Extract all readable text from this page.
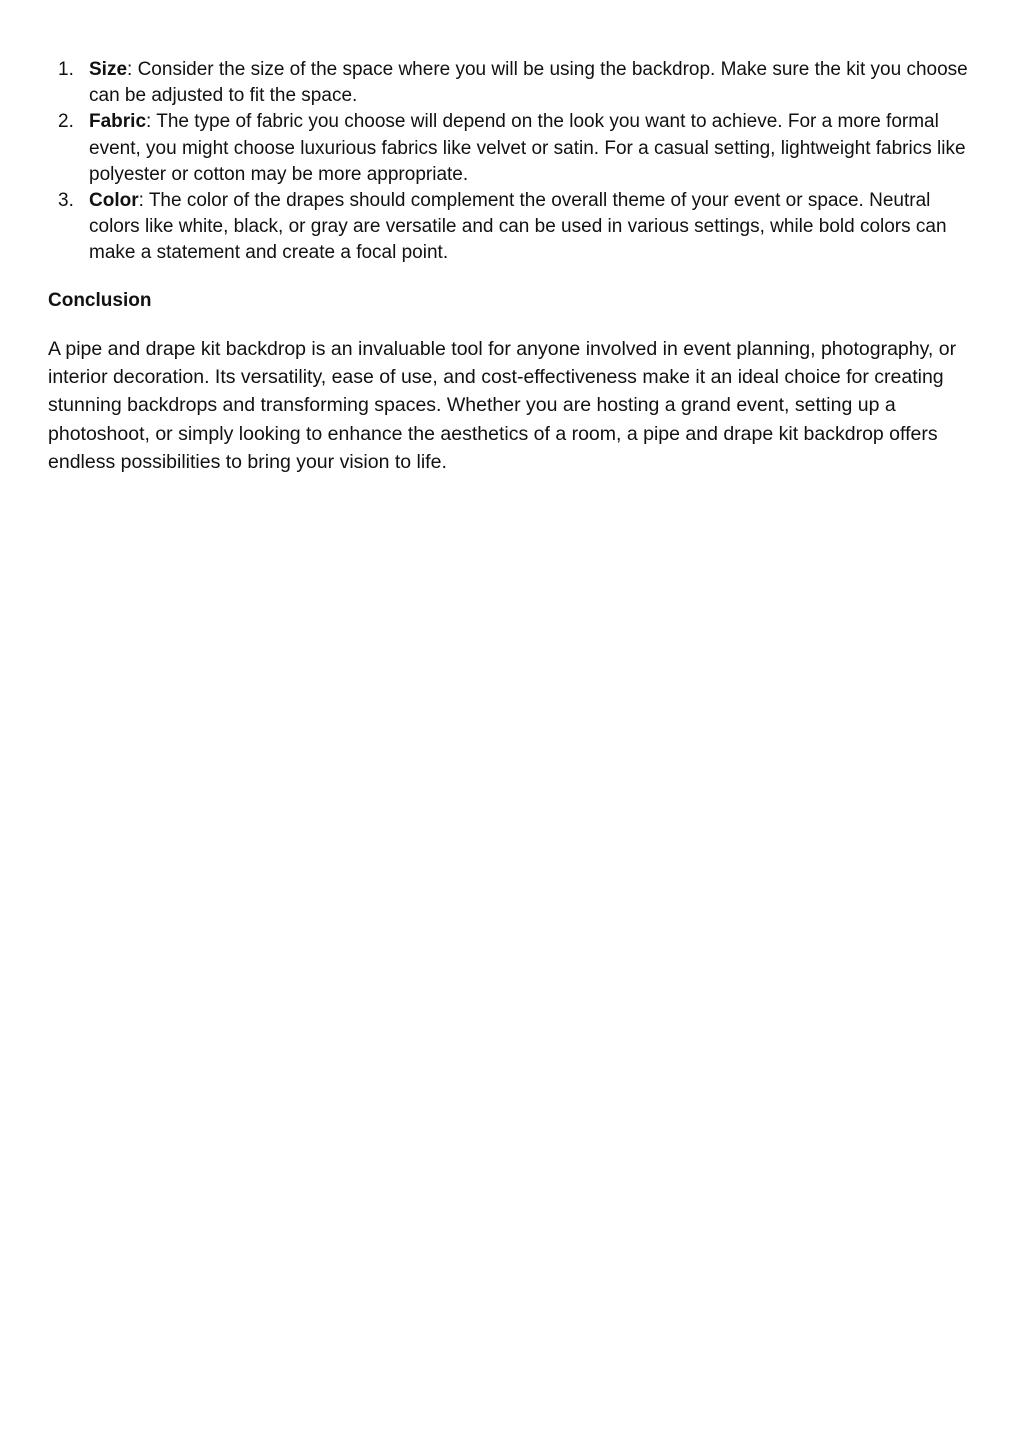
1. Size: Consider the size of the space where you will be using the backdrop. Make sure the kit you choose can be adjusted to fit the space.
2. Fabric: The type of fabric you choose will depend on the look you want to achieve. For a more formal event, you might choose luxurious fabrics like velvet or satin. For a casual setting, lightweight fabrics like polyester or cotton may be more appropriate.
3. Color: The color of the drapes should complement the overall theme of your event or space. Neutral colors like white, black, or gray are versatile and can be used in various settings, while bold colors can make a statement and create a focal point.
Conclusion

A pipe and drape kit backdrop is an invaluable tool for anyone involved in event planning, photography, or interior decoration. Its versatility, ease of use, and cost-effectiveness make it an ideal choice for creating stunning backdrops and transforming spaces. Whether you are hosting a grand event, setting up a photoshoot, or simply looking to enhance the aesthetics of a room, a pipe and drape kit backdrop offers endless possibilities to bring your vision to life.
